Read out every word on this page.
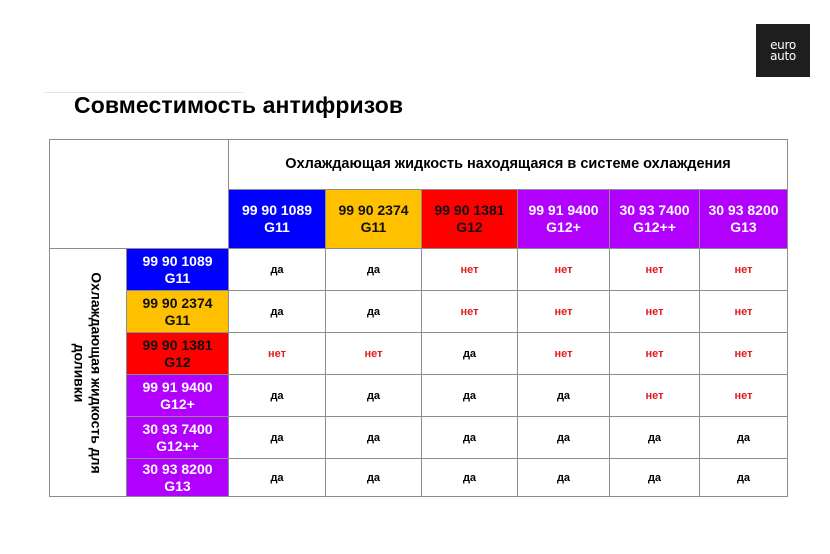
euro
auto
Совместимость антифризов
Охлаждающая жидкость находящаяся в системе охлаждения
99 90 1089
G11
99 90 2374
G11
99 90 1381
G12
99 91 9400
G12+
30 93 7400
G12++
30 93 8200
G13
Охлаждающая жидкость для
доливки
99 90 1089
G11	да	да	нет	нет	нет	нет
99 90 2374
G11	да	да	нет	нет	нет	нет
99 90 1381
G12	нет	нет	да	нет	нет	нет
99 91 9400
G12+	да	да	да	да	нет	нет
30 93 7400
G12++	да	да	да	да	да	да
30 93 8200
G13	да	да	да	да	да	да
